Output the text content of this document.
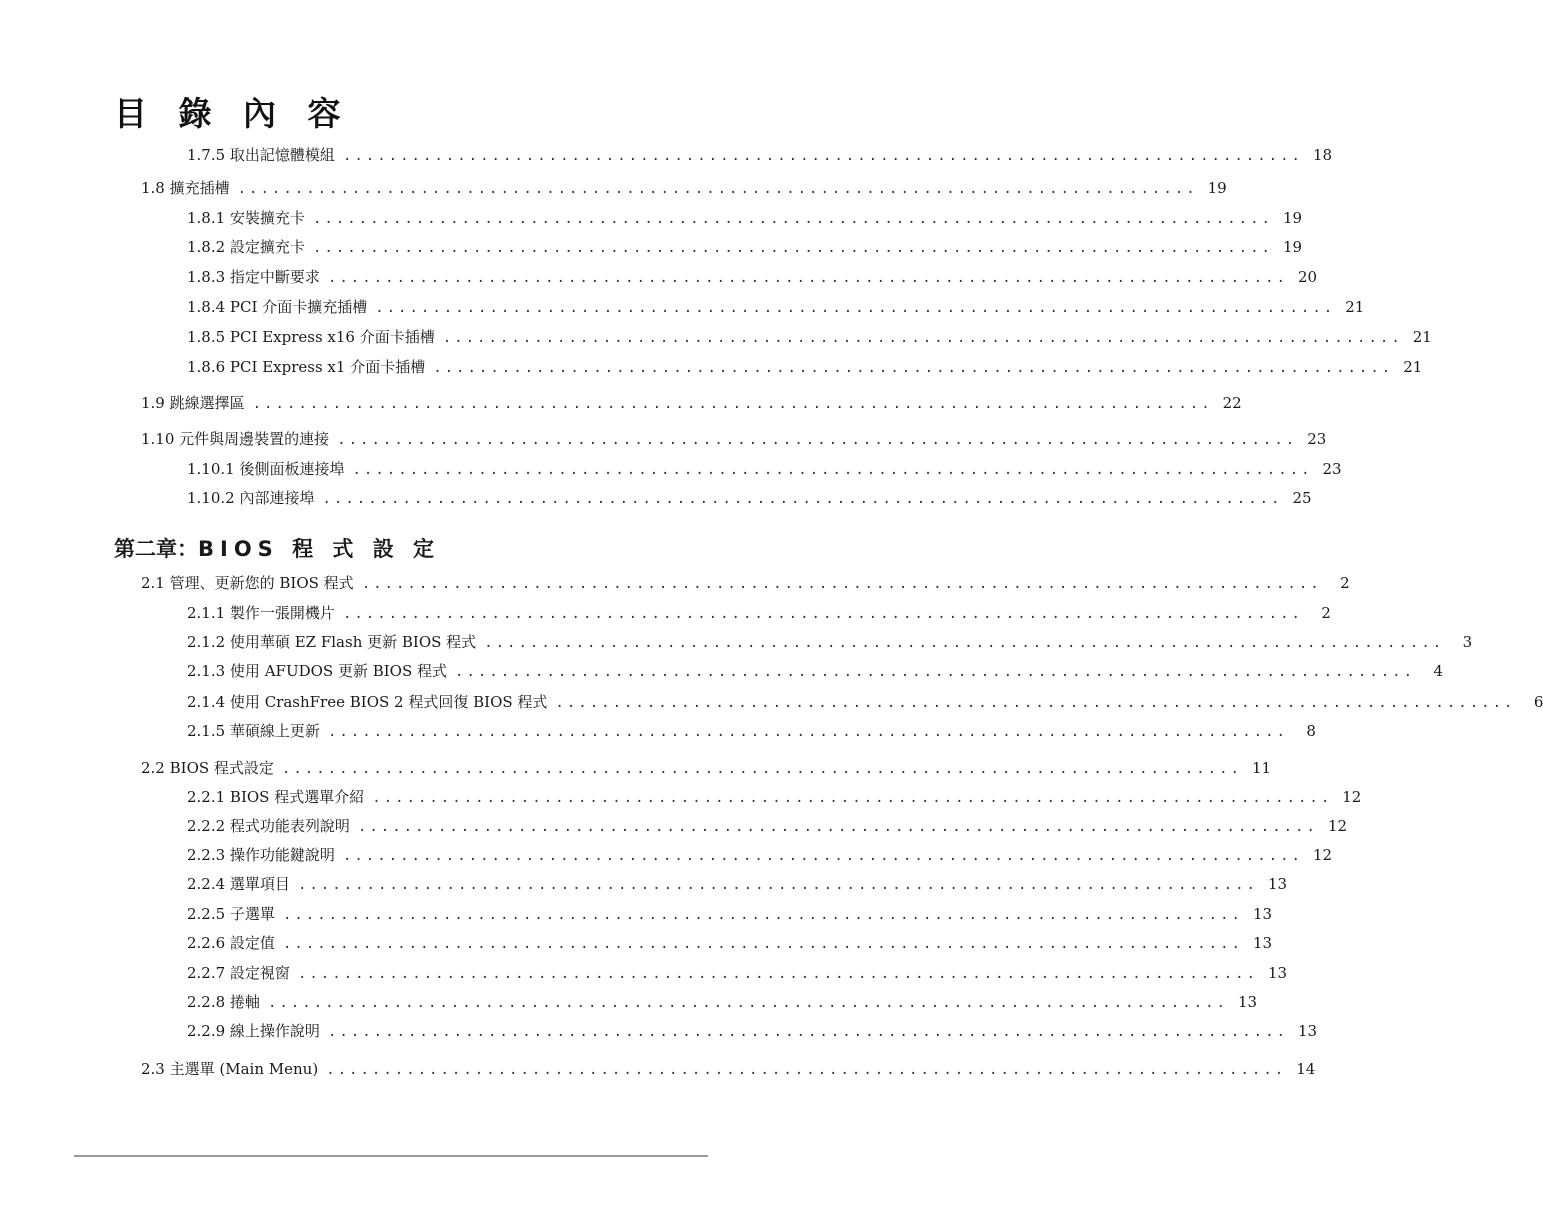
目 錄 內 容
1.7.5 取出記憶體模組 .................................................................................... 18
1.8 擴充插槽 .................................................................................... 19
1.8.1 安裝擴充卡 .................................................................................... 19
1.8.2 設定擴充卡 .................................................................................... 19
1.8.3 指定中斷要求 .................................................................................... 20
1.8.4 PCI 介面卡擴充插槽 .................................................................................... 21
1.8.5 PCI Express x16 介面卡插槽 .................................................................................... 21
1.8.6 PCI Express x1 介面卡插槽 .................................................................................... 21
1.9 跳線選擇區 .................................................................................... 22
1.10 元件與周邊裝置的連接 .................................................................................... 23
1.10.1 後側面板連接埠 .................................................................................... 23
1.10.2 內部連接埠 .................................................................................... 25
第二章：BIOS 程 式 設 定
2.1 管理、更新您的 BIOS 程式 ....................................................................................	2
2.1.1 製作一張開機片 ....................................................................................	2
2.1.2 使用華碩 EZ Flash 更新 BIOS 程式 ....................................................................................	3
2.1.3 使用 AFUDOS 更新 BIOS 程式 ....................................................................................	4
2.1.4 使用 CrashFree BIOS 2 程式回復 BIOS 程式 ....................................................................................	6
2.1.5 華碩線上更新 ....................................................................................	8
2.2 BIOS 程式設定 .................................................................................... 11
2.2.1 BIOS 程式選單介紹 .................................................................................... 12
2.2.2 程式功能表列說明 .................................................................................... 12
2.2.3 操作功能鍵說明 .................................................................................... 12
2.2.4 選單項目 .................................................................................... 13
2.2.5 子選單 .................................................................................... 13
2.2.6 設定值 .................................................................................... 13
2.2.7 設定視窗 .................................................................................... 13
2.2.8 捲軸 .................................................................................... 13
2.2.9 線上操作說明 .................................................................................... 13
2.3 主選單 (Main Menu) .................................................................................... 14
